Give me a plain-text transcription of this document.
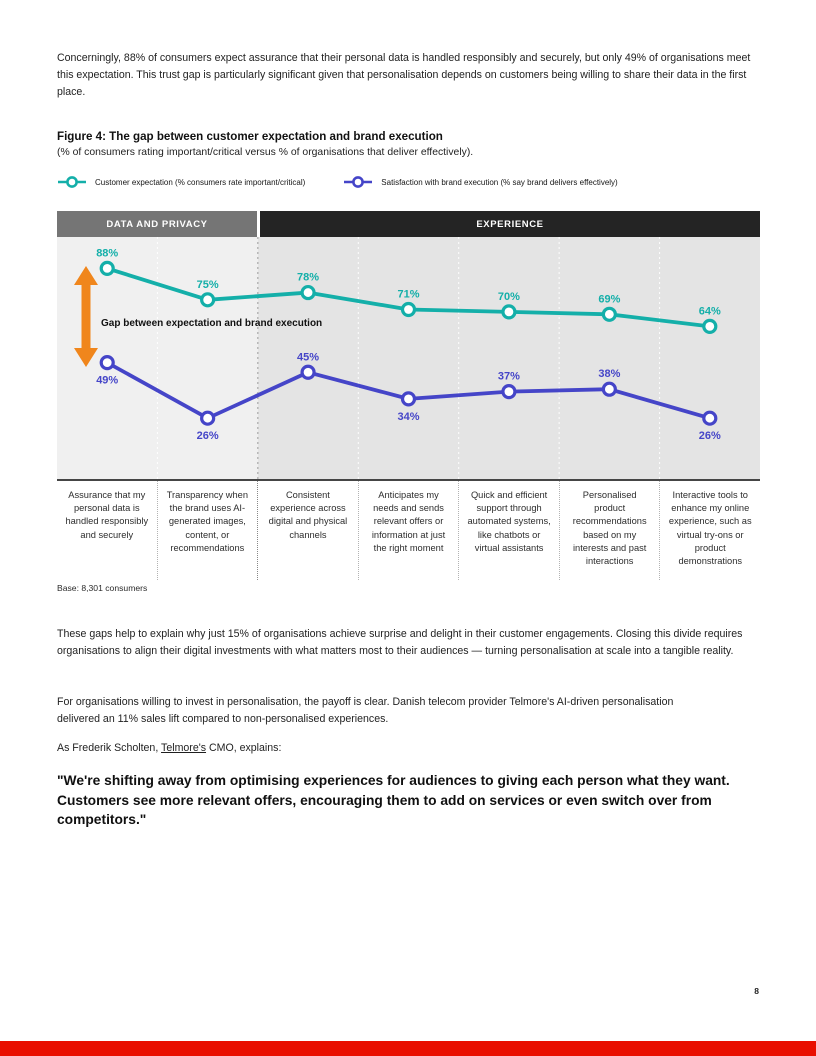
Concerningly, 88% of consumers expect assurance that their personal data is handled responsibly and securely, but only 49% of organisations meet this expectation. This trust gap is particularly significant given that personalisation depends on customers being willing to share their data in the first place.

Figure 4: The gap between customer expectation and brand execution
(% of consumers rating important/critical versus % of organisations that deliver effectively).
Customer expectation (% consumers rate important/critical)	Satisfaction with brand execution (% say brand delivers effectively)
DATA AND PRIVACY	EXPERIENCE
Gap between expectation and brand execution
88%
75%
78%
71%	70%	69%
64%
49%
26%
45%
34%
37%	38%
26%
Assurance that my personal data is handled responsibly and securely
Transparency when the brand uses AI-generated images, content, or recommendations
Consistent experience across digital and physical channels
Anticipates my needs and sends relevant offers or information at just the right moment
Quick and efficient support through automated systems, like chatbots or virtual assistants
Personalised product recommendations based on my interests and past interactions
Interactive tools to enhance my online experience, such as virtual try-ons or product demonstrations
Base: 8,301 consumers

These gaps help to explain why just 15% of organisations achieve surprise and delight in their customer engagements. Closing this divide requires organisations to align their digital investments with what matters most to their audiences — turning personalisation at scale into a tangible reality.

For organisations willing to invest in personalisation, the payoff is clear. Danish telecom provider Telmore's AI-driven personalisation delivered an 11% sales lift compared to non-personalised experiences.

As Frederik Scholten, Telmore's CMO, explains:
"We're shifting away from optimising experiences for audiences to giving each person what they want. Customers see more relevant offers, encouraging them to add on services or even switch over from competitors."
8
